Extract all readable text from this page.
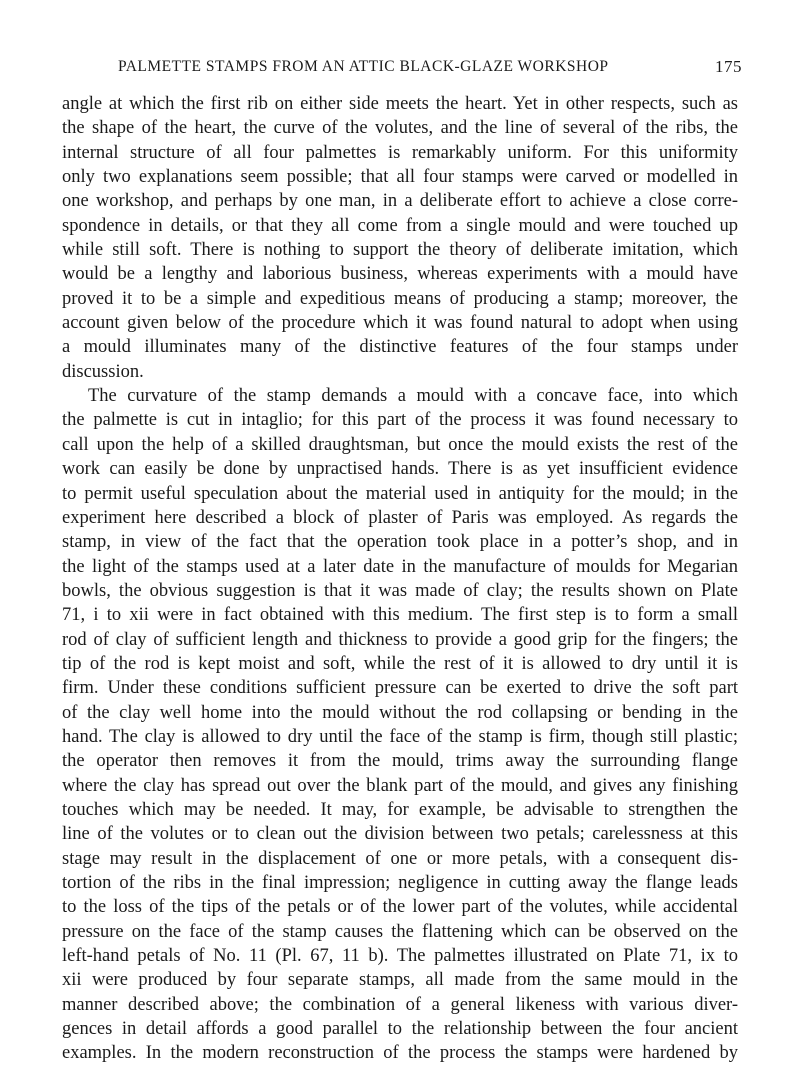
PALMETTE STAMPS FROM AN ATTIC BLACK-GLAZE WORKSHOP	175
angle at which the first rib on either side meets the heart. Yet in other respects, such as
the shape of the heart, the curve of the volutes, and the line of several of the ribs, the
internal structure of all four palmettes is remarkably uniform. For this uniformity
only two explanations seem possible; that all four stamps were carved or modelled in
one workshop, and perhaps by one man, in a deliberate effort to achieve a close corre-
spondence in details, or that they all come from a single mould and were touched up
while still soft. There is nothing to support the theory of deliberate imitation, which
would be a lengthy and laborious business, whereas experiments with a mould have
proved it to be a simple and expeditious means of producing a stamp; moreover, the
account given below of the procedure which it was found natural to adopt when using
a mould illuminates many of the distinctive features of the four stamps under
discussion.
The curvature of the stamp demands a mould with a concave face, into which
the palmette is cut in intaglio; for this part of the process it was found necessary to
call upon the help of a skilled draughtsman, but once the mould exists the rest of the
work can easily be done by unpractised hands. There is as yet insufficient evidence
to permit useful speculation about the material used in antiquity for the mould; in the
experiment here described a block of plaster of Paris was employed. As regards the
stamp, in view of the fact that the operation took place in a potter’s shop, and in
the light of the stamps used at a later date in the manufacture of moulds for Megarian
bowls, the obvious suggestion is that it was made of clay; the results shown on Plate
71, i to xii were in fact obtained with this medium. The first step is to form a small
rod of clay of sufficient length and thickness to provide a good grip for the fingers; the
tip of the rod is kept moist and soft, while the rest of it is allowed to dry until it is
firm. Under these conditions sufficient pressure can be exerted to drive the soft part
of the clay well home into the mould without the rod collapsing or bending in the
hand. The clay is allowed to dry until the face of the stamp is firm, though still plastic;
the operator then removes it from the mould, trims away the surrounding flange
where the clay has spread out over the blank part of the mould, and gives any finishing
touches which may be needed. It may, for example, be advisable to strengthen the
line of the volutes or to clean out the division between two petals; carelessness at this
stage may result in the displacement of one or more petals, with a consequent dis-
tortion of the ribs in the final impression; negligence in cutting away the flange leads
to the loss of the tips of the petals or of the lower part of the volutes, while accidental
pressure on the face of the stamp causes the flattening which can be observed on the
left-hand petals of No. 11 (Pl. 67, 11 b). The palmettes illustrated on Plate 71, ix to
xii were produced by four separate stamps, all made from the same mould in the
manner described above; the combination of a general likeness with various diver-
gences in detail affords a good parallel to the relationship between the four ancient
examples. In the modern reconstruction of the process the stamps were hardened by
